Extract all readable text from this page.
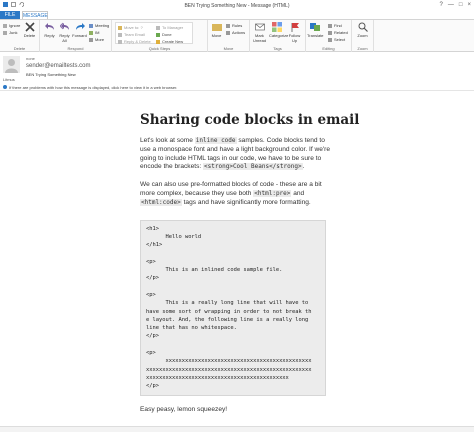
BEN Trying Something New - Message (HTML)	? — □ ×
FILE	MESSAGE
Ignore
Junk
Delete
Delete
Reply	Reply All
Forward
Meeting
IM
More
Respond
Move to: ?
Team Email
Reply & Delete
To Manager
Done
Create New
Quick Steps
Move
Rules
Actions
Move
Mark Unread
Categorize Follow Up
Tags
Translate
Find
Related
Select
Editing
Zoom
Zoom
none
sender@emailtests.com
BEN Trying Something New
Litmus
If there are problems with how this message is displayed, click here to view it in a web browser.
Sharing code blocks in email

Let's look at some inline code samples. Code blocks tend to use a monospace font and have a light background color. If we're going to include HTML tags in our code, we have to be sure to encode the brackets: <strong>Cool Beans</strong>.

We can also use pre-formatted blocks of code - these are a bit more complex, because they use both <html:pre> and <html:code> tags and have significantly more formatting.

<h1>
Hello world
</h1>

<p>
This is an inlined code sample file.
</p>

<p>
This is a really long line that will have to
have some sort of wrapping in order to not break th
e layout. And, the following line is a really long
line that has no whitespace.
</p>

<p>
xxxxxxxxxxxxxxxxxxxxxxxxxxxxxxxxxxxxxxxxxxxxx
xxxxxxxxxxxxxxxxxxxxxxxxxxxxxxxxxxxxxxxxxxxxxxxxxxx
xxxxxxxxxxxxxxxxxxxxxxxxxxxxxxxxxxxxxxxxxxxx
</p>

Easy peasy, lemon squeezey!
